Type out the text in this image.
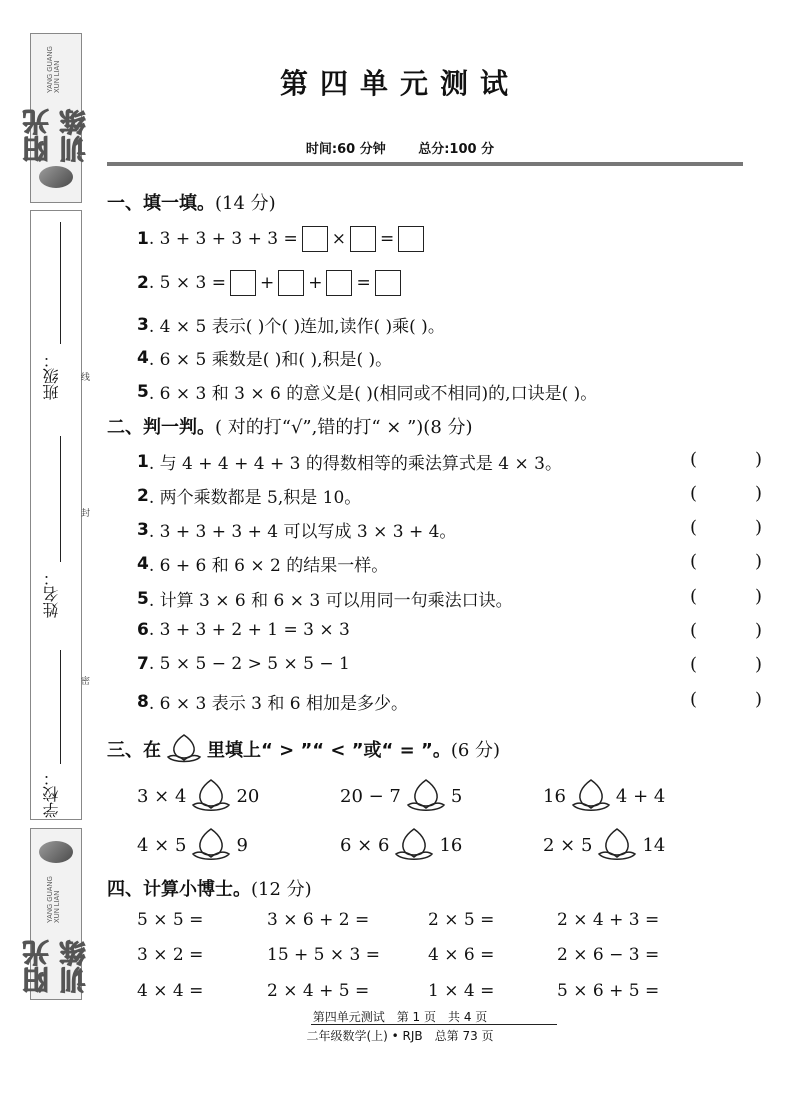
阳光训练
YANG GUANG XUN LIAN
班级： 线
姓名：
封
学校：
密
阳光训练
YANG GUANG XUN LIAN
第四单元测试
时间:60 分钟	总分:100 分
一、填一填。(14 分)
1 . 3 + 3 + 3 + 3 = ×
=
2 . 5 × 3 = +
+
=
3 . 4 × 5 表示( )个( )连加,读作( )乘( )。
4 . 6 × 5 乘数是( )和( ),积是( )。
5 . 6 × 3 和 3 × 6 的意义是( )(相同或不相同)的,口诀是( )。
二、判一判。( 对的打“√”,错的打“ × ”)(8 分)
1 . 与 4 + 4 + 4 + 3 的得数相等的乘法算式是 4 × 3。	(	)
2 . 两个乘数都是 5,积是 10。	(	)
3 . 3 + 3 + 3 + 4 可以写成 3 × 3 + 4。	(	)
4 . 6 + 6 和 6 × 2 的结果一样。	(	)
5 . 计算 3 × 6 和 6 × 3 可以用同一句乘法口诀。	(	)
6 . 3 + 3 + 2 + 1 = 3 × 3	(	)
7 . 5 × 5 − 2 > 5 × 5 − 1	(	)
8 . 6 × 3 表示 3 和 6 相加是多少。	(	)
三、在	里填上“ > ”“ < ”或“ = ”。 (6 分)
3 × 4	20	20 − 7	5	16	4 + 4
4 × 5	9	6 × 6	16	2 × 5	14
四、计算小博士。(12 分)
5 × 5 =	3 × 6 + 2 =	2 × 5 =	2 × 4 + 3 =
3 × 2 =	15 + 5 × 3 =	4 × 6 =	2 × 6 − 3 =
4 × 4 =	2 × 4 + 5 =	1 × 4 =	5 × 6 + 5 =
第四单元测试　第 1 页　共 4 页
二年级数学(上) • RJB　总第 73 页
